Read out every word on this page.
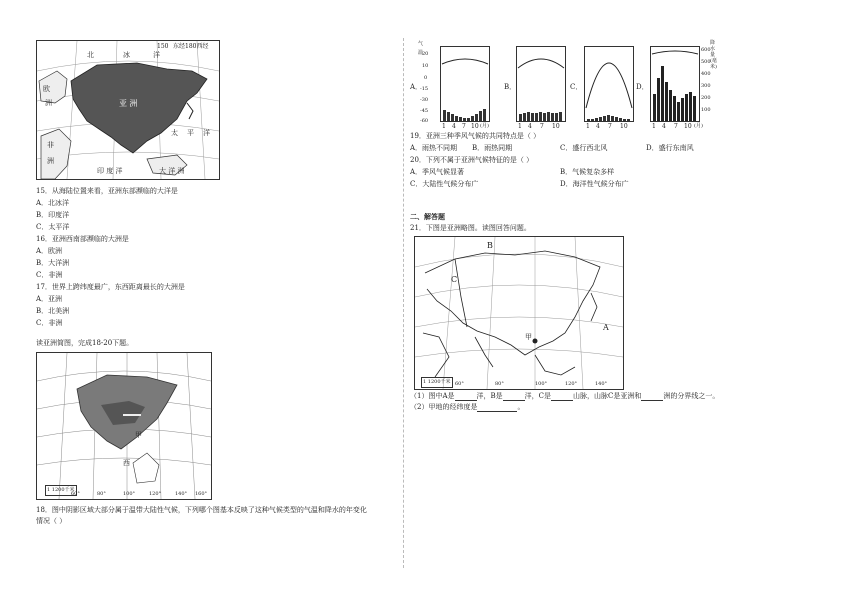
北	冰	洋
东经180西经
150
欧
洲	亚 洲
太 平 洋
非
洲
印 度 洋	大 洋 洲
15．从海陆位置来看，亚洲东部濒临的大洋是
A．北冰洋
B．印度洋
C．太平洋
16．亚洲西南部濒临的大洲是
A．欧洲
B．大洋洲
C．非洲
17．世界上跨纬度最广，东西距离最长的大洲是
A．亚洲
B．北美洲
C．非洲
读亚洲简图，完成18-20下题。
甲
西
1 1200千米
60°	80°	100°	120°	140° 160°
18．图中阴影区域大部分属于温带大陆性气候，下列哪个图基本反映了这种气候类型的气温和降水的年变化
情况（ ）
A．	B．	C．	D．
气温
20
10
0
-15
-30
-45
-60
1 4 7 10 (月)	1 4 7 10	1 4 7 10
降水量(毫米)
600
500
400
300
200
100
1 4 7 10 (月)
19．亚洲三种季风气候的共同特点是（ ）
A．雨热不同期 B．雨热同期	C．盛行西北风	D．盛行东南风
20．下列不属于亚洲气候特征的是（ ）
A．季风气候显著	B．气候复杂多样
C．大陆性气候分布广	D．海洋性气候分布广
二、解答题
21．下图是亚洲略图。读图回答问题。
B
C
A
甲
1 1200千米 60°	80°	100°	120°	140°
（1）图中A是	洋，B是	洋，C是	山脉，山脉C是亚洲和	洲的分界线之一。
（2）甲地的经纬度是	。
